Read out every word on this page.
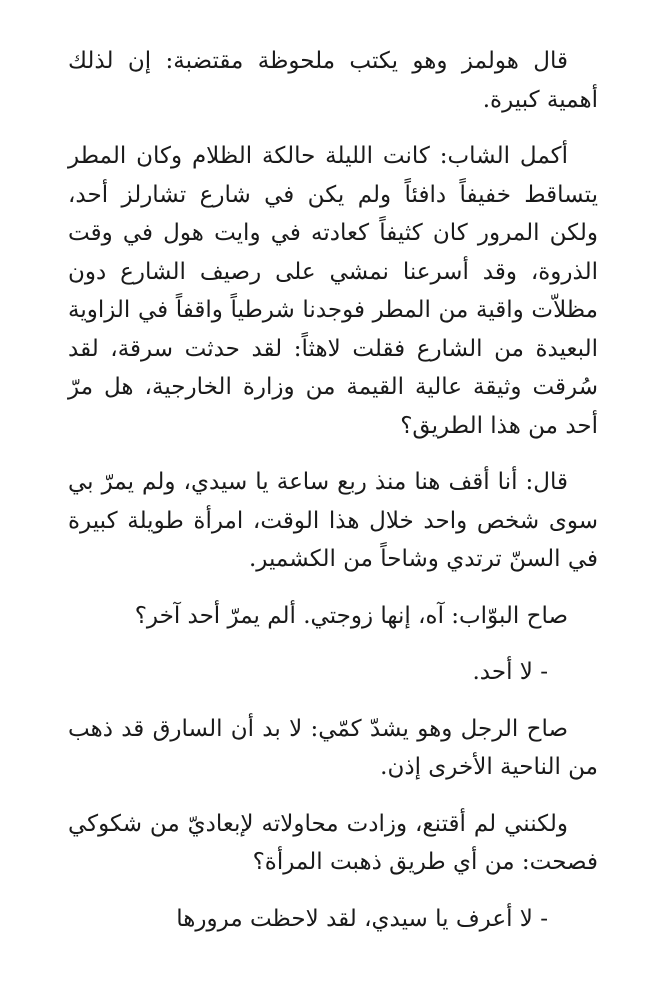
قال هولمز وهو يكتب ملحوظة مقتضبة: إن لذلك أهمية كبيرة.

أكمل الشاب: كانت الليلة حالكة الظلام وكان المطر يتساقط خفيفاً دافئاً ولم يكن في شارع تشارلز أحد، ولكن المرور كان كثيفاً كعادته في وايت هول في وقت الذروة، وقد أسرعنا نمشي على رصيف الشارع دون مظلاّت واقية من المطر فوجدنا شرطياً واقفاً في الزاوية البعيدة من الشارع فقلت لاهثاً: لقد حدثت سرقة، لقد سُرقت وثيقة عالية القيمة من وزارة الخارجية، هل مرّ أحد من هذا الطريق؟

قال: أنا أقف هنا منذ ربع ساعة يا سيدي، ولم يمرّ بي سوى شخص واحد خلال هذا الوقت، امرأة طويلة كبيرة في السنّ ترتدي وشاحاً من الكشمير.

صاح البوّاب: آه، إنها زوجتي. ألم يمرّ أحد آخر؟

- لا أحد.

صاح الرجل وهو يشدّ كمّي: لا بد أن السارق قد ذهب من الناحية الأخرى إذن.

ولكنني لم أقتنع، وزادت محاولاته لإبعاديّ من شكوكي فصحت: من أي طريق ذهبت المرأة؟

- لا أعرف يا سيدي، لقد لاحظت مرورها
